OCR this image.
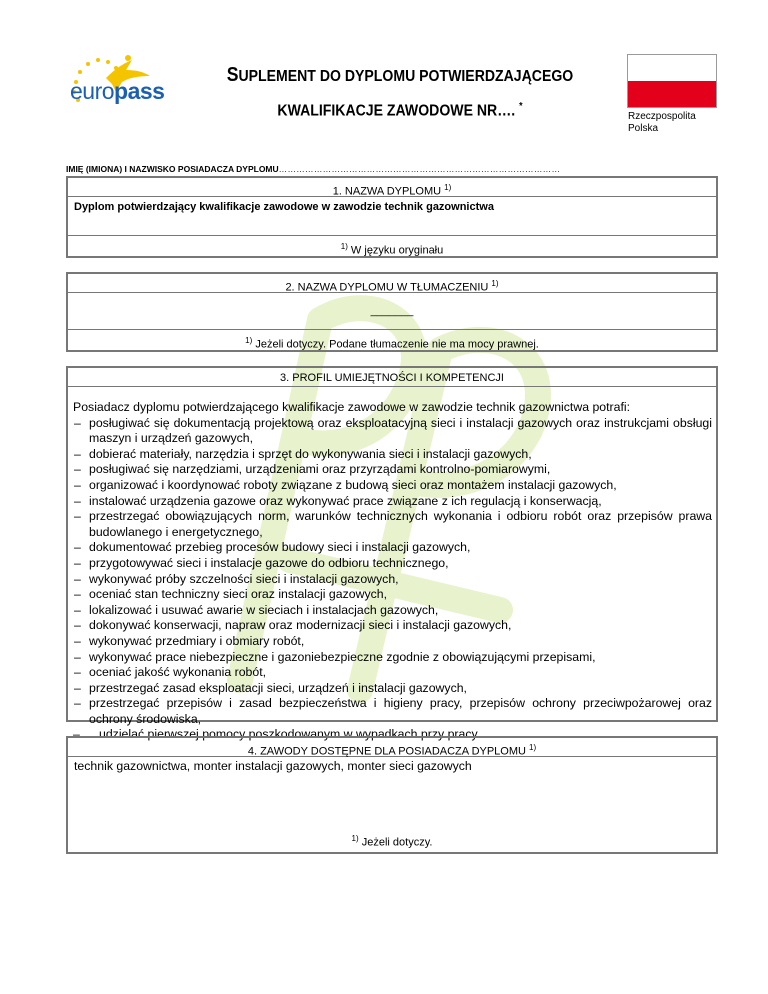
europass
SUPLEMENT DO DYPLOMU POTWIERDZAJĄCEGO
KWALIFIKACJE ZAWODOWE NR…. *
Rzeczpospolita
Polska
IMIĘ (IMIONA) I NAZWISKO POSIADACZA DYPLOMU……………………………………………………………………………………
1. NAZWA DYPLOMU $^{1)}$
Dyplom potwierdzający kwalifikacje zawodowe w zawodzie technik gazownictwa
$^{1)}$ W języku oryginału
2. NAZWA DYPLOMU W TŁUMACZENIU $^{1)}$
_______
$^{1)}$ Jeżeli dotyczy. Podane tłumaczenie nie ma mocy prawnej.
3. PROFIL UMIEJĘTNOŚCI I KOMPETENCJI
Posiadacz dyplomu potwierdzającego kwalifikacje zawodowe w zawodzie technik gazownictwa potrafi:
– posługiwać się dokumentacją projektową oraz eksploatacyjną sieci i instalacji gazowych oraz instrukcjami obsługi maszyn i urządzeń gazowych,
– dobierać materiały, narzędzia i sprzęt do wykonywania sieci i instalacji gazowych,
– posługiwać się narzędziami, urządzeniami oraz przyrządami kontrolno-pomiarowymi,
– organizować i koordynować roboty związane z budową sieci oraz montażem instalacji gazowych,
– instalować urządzenia gazowe oraz wykonywać prace związane z ich regulacją i konserwacją,
– przestrzegać obowiązujących norm, warunków technicznych wykonania i odbioru robót oraz przepisów prawa budowlanego i energetycznego,
– dokumentować przebieg procesów budowy sieci i instalacji gazowych,
– przygotowywać sieci i instalacje gazowe do odbioru technicznego,
– wykonywać próby szczelności sieci i instalacji gazowych,
– oceniać stan techniczny sieci oraz instalacji gazowych,
– lokalizować i usuwać awarie w sieciach i instalacjach gazowych,
– dokonywać konserwacji, napraw oraz modernizacji sieci i instalacji gazowych,
– wykonywać przedmiary i obmiary robót,
– wykonywać prace niebezpieczne i gazoniebezpieczne zgodnie z obowiązującymi przepisami,
– oceniać jakość wykonania robót,
– przestrzegać zasad eksploatacji sieci, urządzeń i instalacji gazowych,
– przestrzegać przepisów i zasad bezpieczeństwa i higieny pracy, przepisów ochrony przeciwpożarowej oraz ochrony środowiska,
–	udzielać pierwszej pomocy poszkodowanym w wypadkach przy pracy.
4. ZAWODY DOSTĘPNE DLA POSIADACZA DYPLOMU $^{1)}$
technik gazownictwa, monter instalacji gazowych, monter sieci gazowych
$^{1)}$ Jeżeli dotyczy.
